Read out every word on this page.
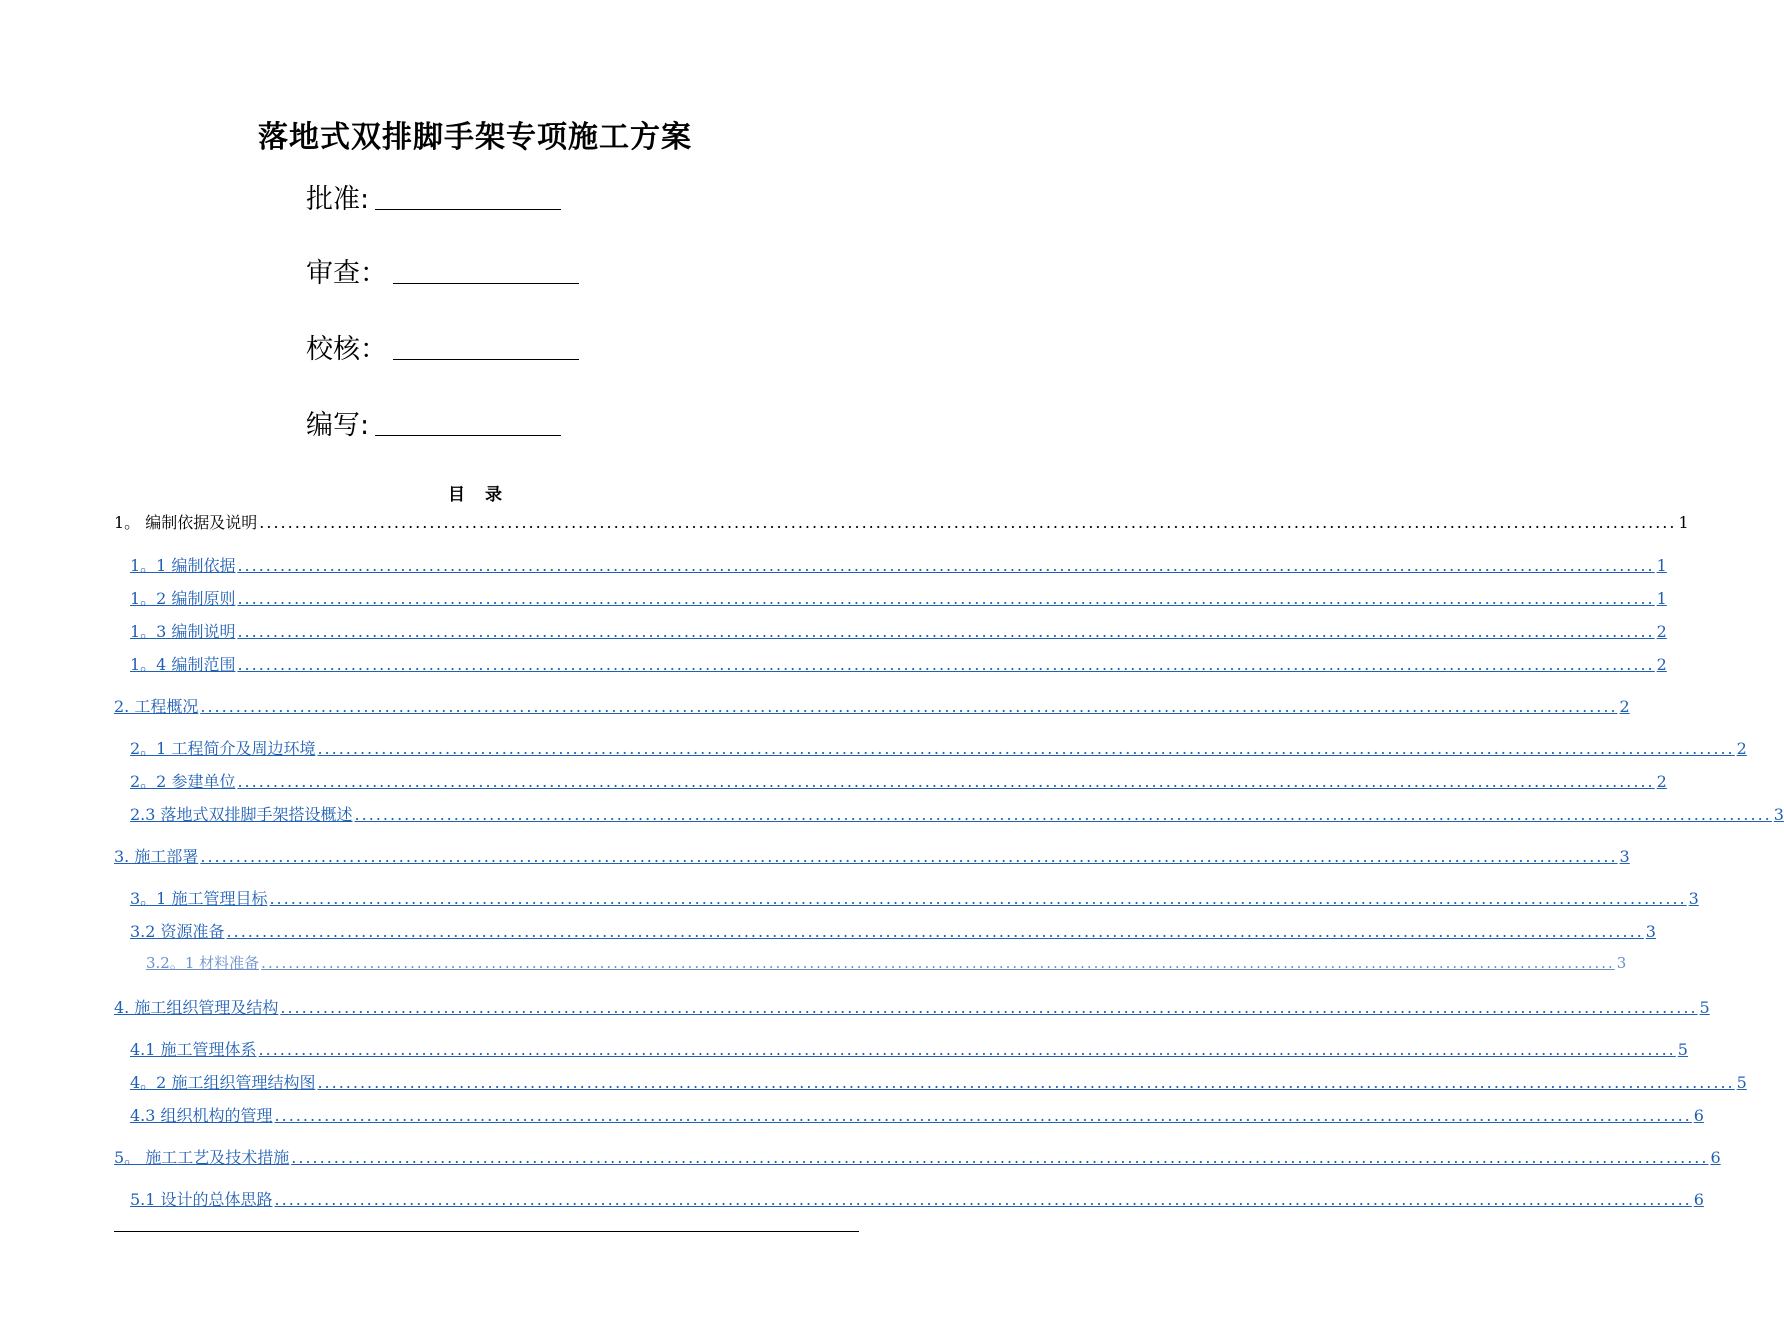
落地式双排脚手架专项施工方案
批准:
审查：
校核：
编写:
目 录
1。 编制依据及说明 ........................................................................................................................................................................................................ 1
1。1 编制依据 ........................................................................................................................................................................................................ 1
1。2 编制原则 ........................................................................................................................................................................................................ 1
1。3 编制说明 ........................................................................................................................................................................................................ 2
1。4 编制范围 ........................................................................................................................................................................................................ 2
2. 工程概况 ........................................................................................................................................................................................................ 2
2。1 工程简介及周边环境 ........................................................................................................................................................................................................ 2
2。2 参建单位 ........................................................................................................................................................................................................ 2
2.3 落地式双排脚手架搭设概述 ........................................................................................................................................................................................................ 3
3. 施工部署 ........................................................................................................................................................................................................ 3
3。1 施工管理目标 ........................................................................................................................................................................................................ 3
3.2 资源准备 ........................................................................................................................................................................................................ 3
3.2。1 材料准备 ........................................................................................................................................................................................................ 3
4. 施工组织管理及结构 ........................................................................................................................................................................................................ 5
4.1 施工管理体系 ........................................................................................................................................................................................................ 5
4。2 施工组织管理结构图 ........................................................................................................................................................................................................ 5
4.3 组织机构的管理 ........................................................................................................................................................................................................ 6
5。 施工工艺及技术措施 ........................................................................................................................................................................................................ 6
5.1 设计的总体思路 ........................................................................................................................................................................................................ 6
